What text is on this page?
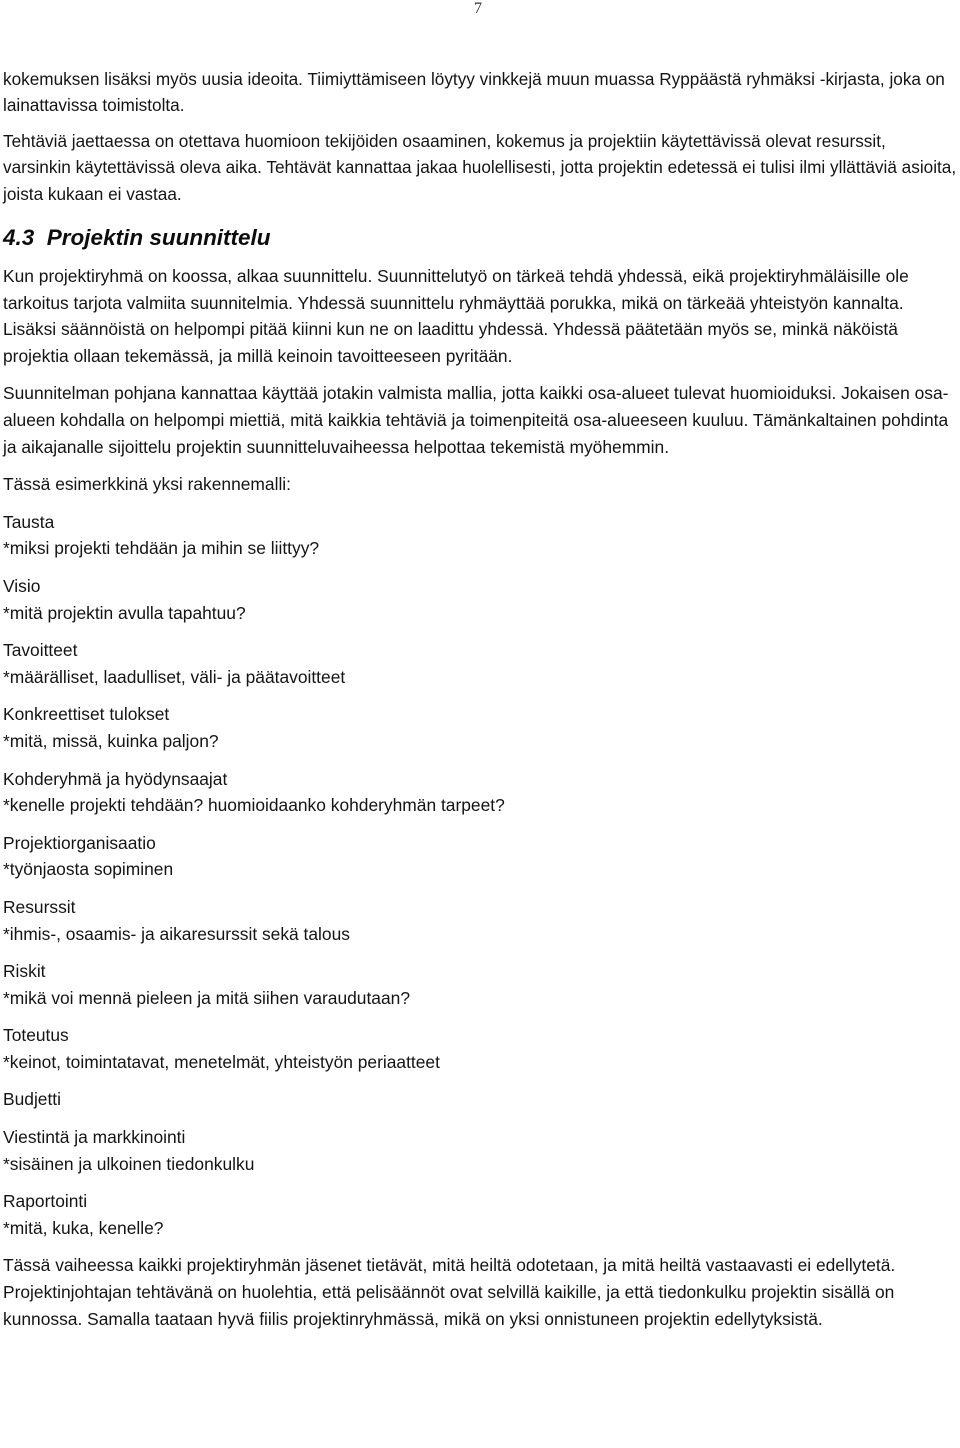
7

kokemuksen lisäksi myös uusia ideoita. Tiimiyttämiseen löytyy vinkkejä muun muassa Ryppäästä ryhmäksi -kirjasta, joka on lainattavissa toimistolta.

Tehtäviä jaettaessa on otettava huomioon tekijöiden osaaminen, kokemus ja projektiin käytettävissä olevat resurssit, varsinkin käytettävissä oleva aika. Tehtävät kannattaa jakaa huolellisesti, jotta projektin edetessä ei tulisi ilmi yllättäviä asioita, joista kukaan ei vastaa.

4.3 Projektin suunnittelu

Kun projektiryhmä on koossa, alkaa suunnittelu. Suunnittelutyö on tärkeä tehdä yhdessä, eikä projektiryhmäläisille ole tarkoitus tarjota valmiita suunnitelmia. Yhdessä suunnittelu ryhmäyttää porukka, mikä on tärkeää yhteistyön kannalta. Lisäksi säännöistä on helpompi pitää kiinni kun ne on laadittu yhdessä. Yhdessä päätetään myös se, minkä näköistä projektia ollaan tekemässä, ja millä keinoin tavoitteeseen pyritään.

Suunnitelman pohjana kannattaa käyttää jotakin valmista mallia, jotta kaikki osa-alueet tulevat huomioiduksi. Jokaisen osa-alueen kohdalla on helpompi miettiä, mitä kaikkia tehtäviä ja toimenpiteitä osa-alueeseen kuuluu. Tämänkaltainen pohdinta ja aikajanalle sijoittelu projektin suunnitteluvaiheessa helpottaa tekemistä myöhemmin.

Tässä esimerkkinä yksi rakennemalli:

Tausta

*miksi projekti tehdään ja mihin se liittyy?

Visio

*mitä projektin avulla tapahtuu?

Tavoitteet

*määrälliset, laadulliset, väli- ja päätavoitteet

Konkreettiset tulokset

*mitä, missä, kuinka paljon?

Kohderyhmä ja hyödynsaajat

*kenelle projekti tehdään? huomioidaanko kohderyhmän tarpeet?

Projektiorganisaatio

*työnjaosta sopiminen

Resurssit

*ihmis-, osaamis- ja aikaresurssit sekä talous

Riskit

*mikä voi mennä pieleen ja mitä siihen varaudutaan?

Toteutus

*keinot, toimintatavat, menetelmät, yhteistyön periaatteet

Budjetti

Viestintä ja markkinointi

*sisäinen ja ulkoinen tiedonkulku

Raportointi

*mitä, kuka, kenelle?

Tässä vaiheessa kaikki projektiryhmän jäsenet tietävät, mitä heiltä odotetaan, ja mitä heiltä vastaavasti ei edellytetä. Projektinjohtajan tehtävänä on huolehtia, että pelisäännöt ovat selvillä kaikille, ja että tiedonkulku projektin sisällä on kunnossa. Samalla taataan hyvä fiilis projektinryhmässä, mikä on yksi onnistuneen projektin edellytyksistä.
